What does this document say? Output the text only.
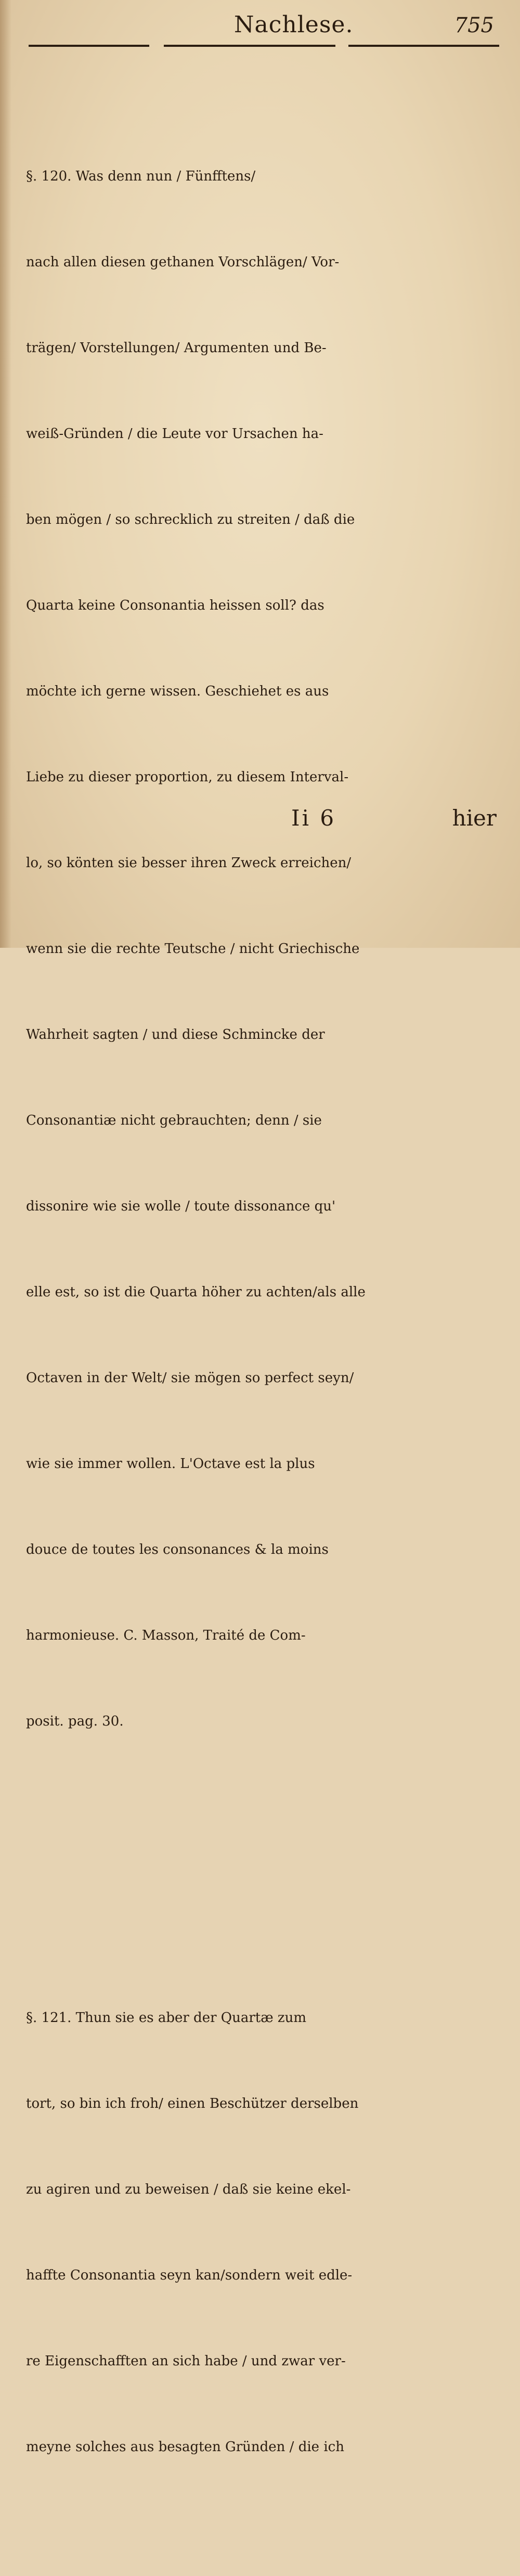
Nachlese.	755

§. 120. Was denn nun / Fünfftens/

nach allen diesen gethanen Vorschlägen/ Vor-

trägen/ Vorstellungen/ Argumenten und Be-

weiß-Gründen / die Leute vor Ursachen ha-

ben mögen / so schrecklich zu streiten / daß die

Quarta keine Consonantia heissen soll? das

möchte ich gerne wissen. Geschiehet es aus

Liebe zu dieser proportion, zu diesem Interval-

lo, so könten sie besser ihren Zweck erreichen/

wenn sie die rechte Teutsche / nicht Griechische

Wahrheit sagten / und diese Schmincke der

Consonantiæ nicht gebrauchten; denn / sie

dissonire wie sie wolle / toute dissonance qu'

elle est, so ist die Quarta höher zu achten/als alle

Octaven in der Welt/ sie mögen so perfect seyn/

wie sie immer wollen. L'Octave est la plus

douce de toutes les consonances & la moins

harmonieuse. C. Masson, Traité de Com-

posit. pag. 30.

§. 121. Thun sie es aber der Quartæ zum

tort, so bin ich froh/ einen Beschützer derselben

zu agiren und zu beweisen / daß sie keine ekel-

haffte Consonantia seyn kan/sondern weit edle-

re Eigenschafften an sich habe / und zwar ver-

meyne solches aus besagten Gründen / die ich

Ii 6	hier
